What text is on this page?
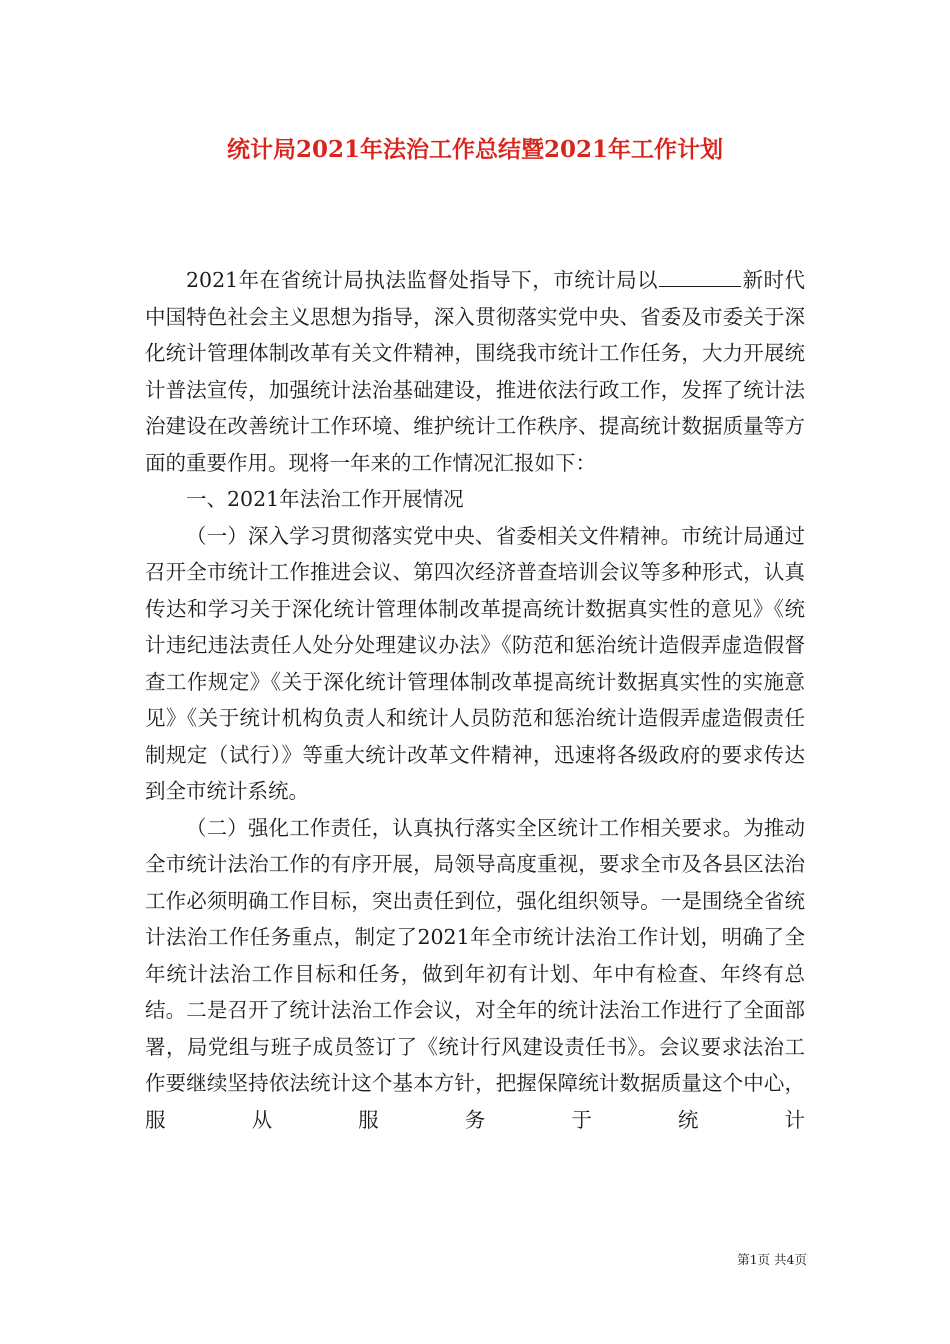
统计局2021年法治工作总结暨2021年工作计划

2021年在省统计局执法监督处指导下，市统计局以	新时代中国特色社会主义思想为指导，深入贯彻落实党中央、省委及市委关于深化统计管理体制改革有关文件精神，围绕我市统计工作任务，大力开展统计普法宣传，加强统计法治基础建设，推进依法行政工作，发挥了统计法治建设在改善统计工作环境、维护统计工作秩序、提高统计数据质量等方面的重要作用。现将一年来的工作情况汇报如下：

一、2021年法治工作开展情况

（一）深入学习贯彻落实党中央、省委相关文件精神。市统计局通过召开全市统计工作推进会议、第四次经济普查培训会议等多种形式，认真传达和学习关于深化统计管理体制改革提高统计数据真实性的意见》《统计违纪违法责任人处分处理建议办法》《防范和惩治统计造假弄虚造假督查工作规定》《关于深化统计管理体制改革提高统计数据真实性的实施意见》《关于统计机构负责人和统计人员防范和惩治统计造假弄虚造假责任制规定（试行）》等重大统计改革文件精神，迅速将各级政府的要求传达到全市统计系统。

（二）强化工作责任，认真执行落实全区统计工作相关要求。为推动全市统计法治工作的有序开展，局领导高度重视，要求全市及各县区法治工作必须明确工作目标，突出责任到位，强化组织领导。一是围绕全省统计法治工作任务重点，制定了2021年全市统计法治工作计划，明确了全年统计法治工作目标和任务，做到年初有计划、年中有检查、年终有总结。二是召开了统计法治工作会议，对全年的统计法治工作进行了全面部署，局党组与班子成员签订了《统计行风建设责任书》。会议要求法治工作要继续坚持依法统计这个基本方针，把握保障统计数据质量这个中心，服从服务于统计

第1页 共4页
